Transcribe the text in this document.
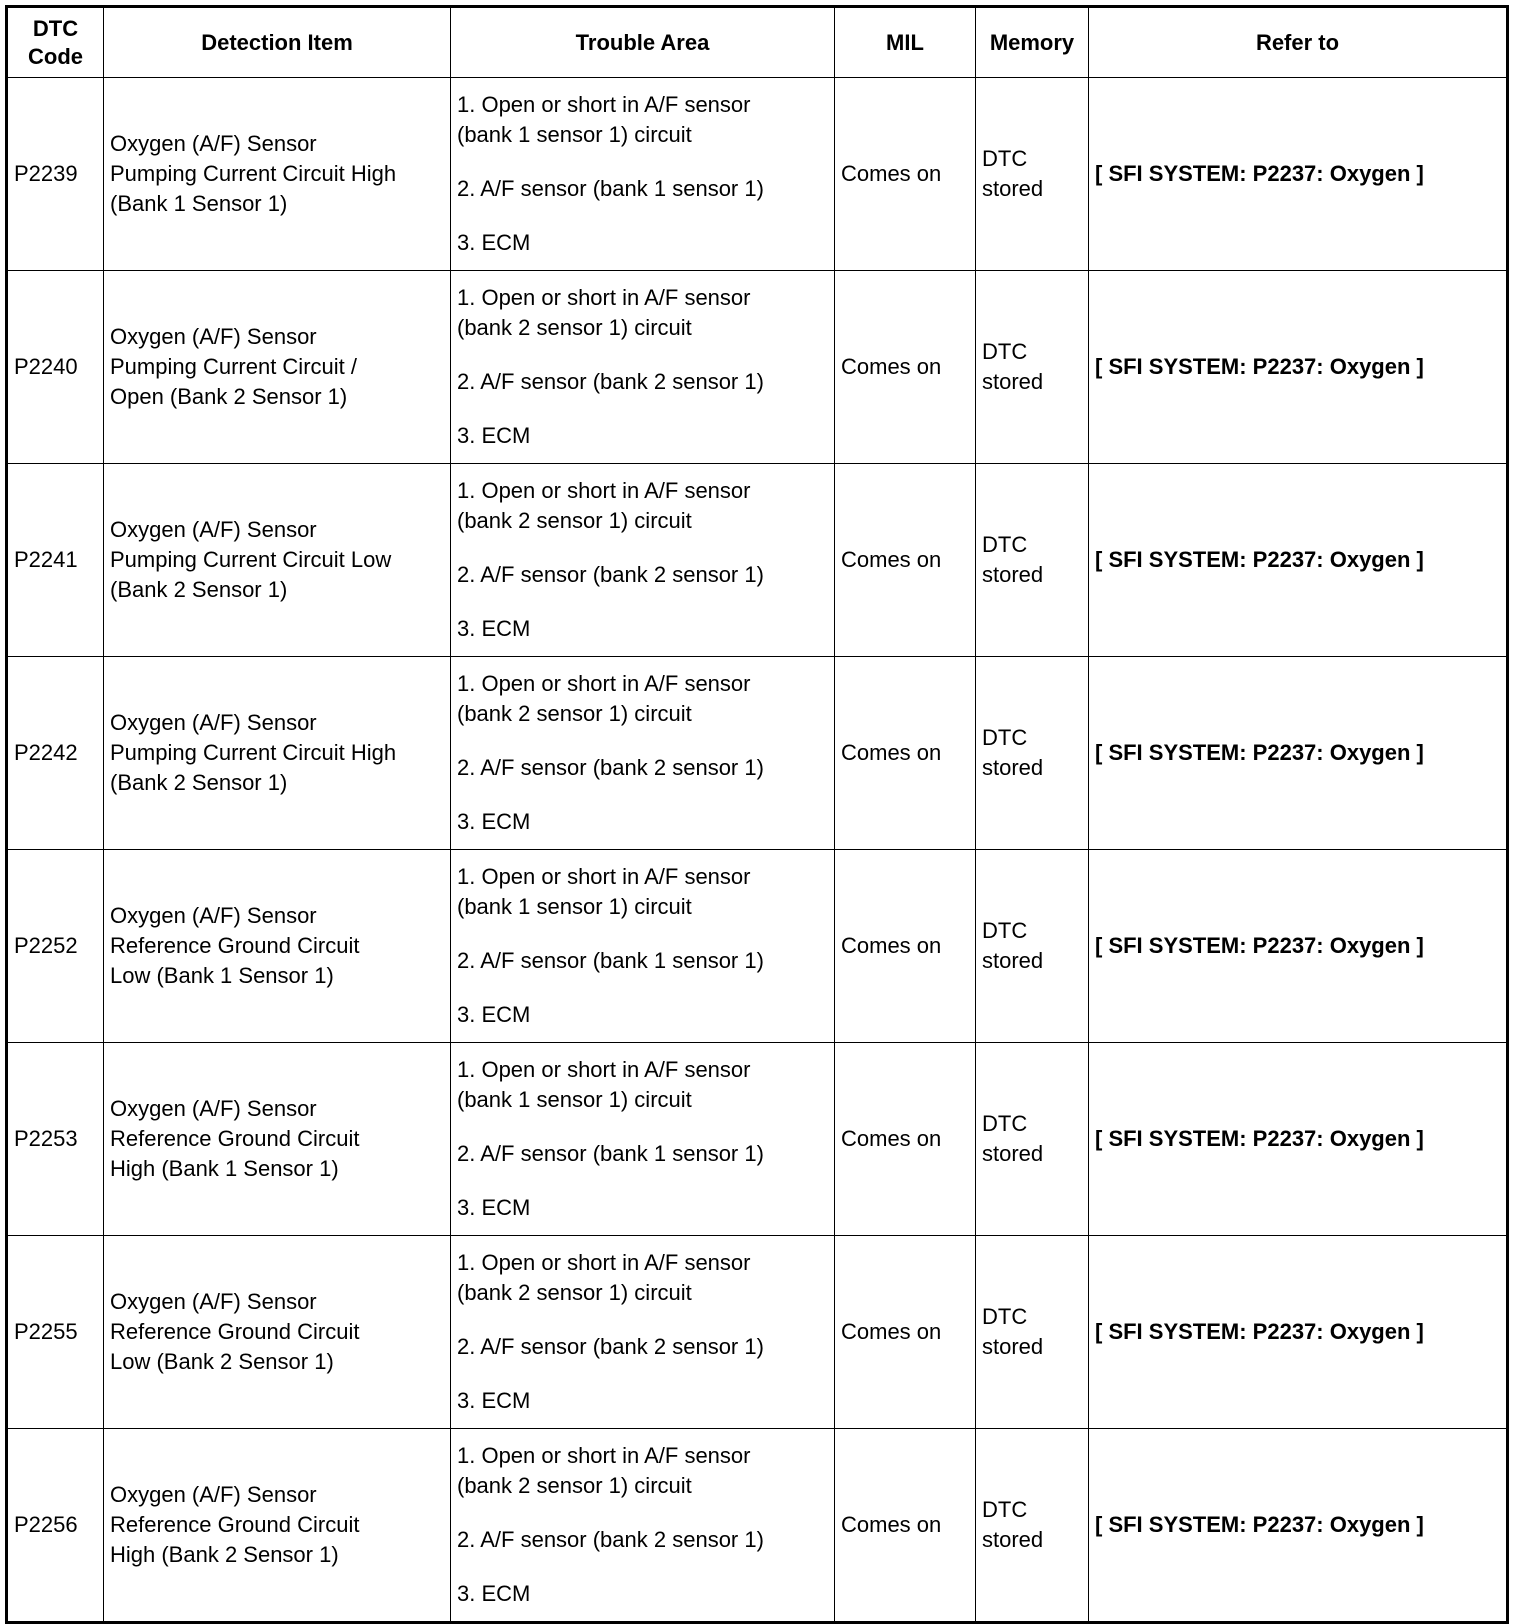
DTC
Code	Detection Item	Trouble Area	MIL	Memory	Refer to
P2239	Oxygen (A/F) Sensor
Pumping Current Circuit High
(Bank 1 Sensor 1)	1. Open or short in A/F sensor
(bank 1 sensor 1) circuit
2. A/F sensor (bank 1 sensor 1)
3. ECM	Comes on	DTC
stored	[ SFI SYSTEM: P2237: Oxygen ]
P2240	Oxygen (A/F) Sensor
Pumping Current Circuit /
Open (Bank 2 Sensor 1)	1. Open or short in A/F sensor
(bank 2 sensor 1) circuit
2. A/F sensor (bank 2 sensor 1)
3. ECM	Comes on	DTC
stored	[ SFI SYSTEM: P2237: Oxygen ]
P2241	Oxygen (A/F) Sensor
Pumping Current Circuit Low
(Bank 2 Sensor 1)	1. Open or short in A/F sensor
(bank 2 sensor 1) circuit
2. A/F sensor (bank 2 sensor 1)
3. ECM	Comes on	DTC
stored	[ SFI SYSTEM: P2237: Oxygen ]
P2242	Oxygen (A/F) Sensor
Pumping Current Circuit High
(Bank 2 Sensor 1)	1. Open or short in A/F sensor
(bank 2 sensor 1) circuit
2. A/F sensor (bank 2 sensor 1)
3. ECM	Comes on	DTC
stored	[ SFI SYSTEM: P2237: Oxygen ]
P2252	Oxygen (A/F) Sensor
Reference Ground Circuit
Low (Bank 1 Sensor 1)	1. Open or short in A/F sensor
(bank 1 sensor 1) circuit
2. A/F sensor (bank 1 sensor 1)
3. ECM	Comes on	DTC
stored	[ SFI SYSTEM: P2237: Oxygen ]
P2253	Oxygen (A/F) Sensor
Reference Ground Circuit
High (Bank 1 Sensor 1)	1. Open or short in A/F sensor
(bank 1 sensor 1) circuit
2. A/F sensor (bank 1 sensor 1)
3. ECM	Comes on	DTC
stored	[ SFI SYSTEM: P2237: Oxygen ]
P2255	Oxygen (A/F) Sensor
Reference Ground Circuit
Low (Bank 2 Sensor 1)	1. Open or short in A/F sensor
(bank 2 sensor 1) circuit
2. A/F sensor (bank 2 sensor 1)
3. ECM	Comes on	DTC
stored	[ SFI SYSTEM: P2237: Oxygen ]
P2256	Oxygen (A/F) Sensor
Reference Ground Circuit
High (Bank 2 Sensor 1)	1. Open or short in A/F sensor
(bank 2 sensor 1) circuit
2. A/F sensor (bank 2 sensor 1)
3. ECM	Comes on	DTC
stored	[ SFI SYSTEM: P2237: Oxygen ]
